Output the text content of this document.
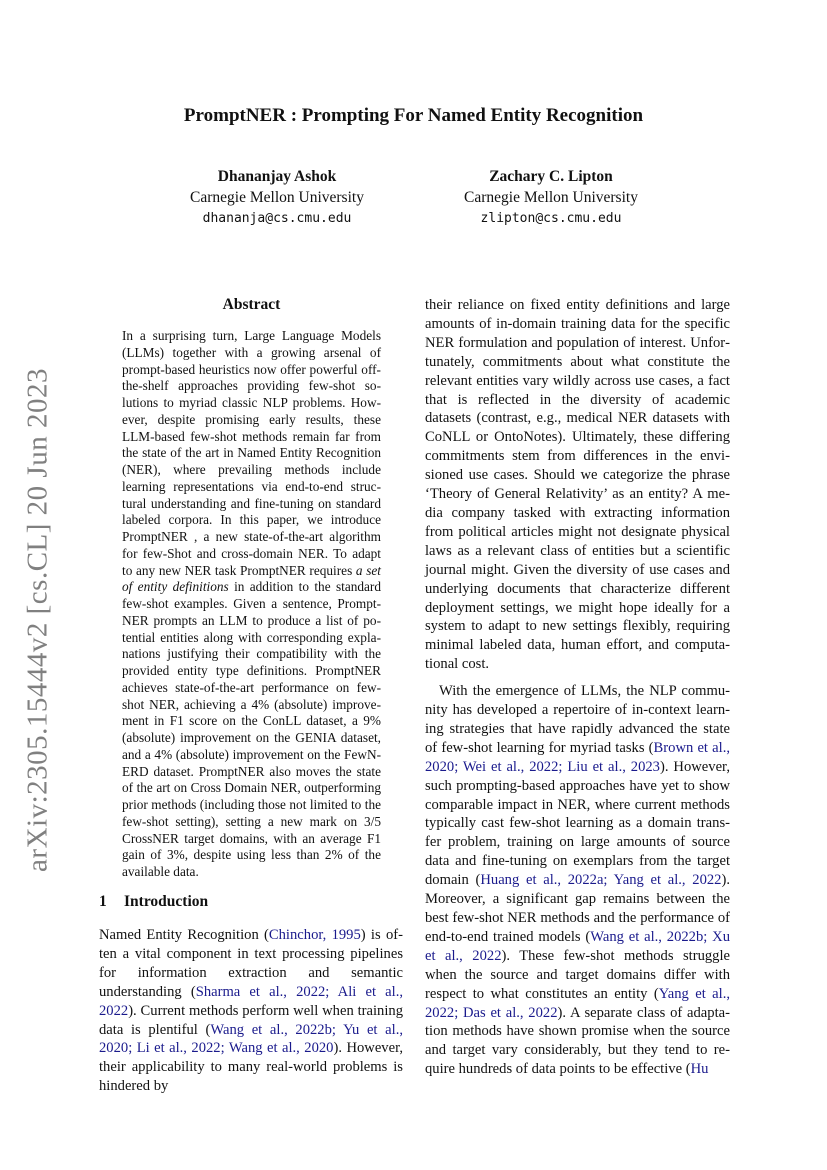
arXiv:2305.15444v2 [cs.CL] 20 Jun 2023
PromptNER : Prompting For Named Entity Recognition
Dhananjay Ashok
Carnegie Mellon University
dhananja@cs.cmu.edu
Zachary C. Lipton
Carnegie Mellon University
zlipton@cs.cmu.edu
Abstract
In a surprising turn, Large Language Models (LLMs) together with a growing arsenal of prompt-based heuristics now offer powerful off-the-shelf approaches providing few-shot solutions to myriad classic NLP problems. However, despite promising early results, these LLM-based few-shot methods remain far from the state of the art in Named Entity Recognition (NER), where prevailing methods include learning representations via end-to-end structural understanding and fine-tuning on standard labeled corpora. In this paper, we introduce PromptNER , a new state-of-the-art algorithm for few-Shot and cross-domain NER. To adapt to any new NER task PromptNER requires a set of entity definitions in addition to the standard few-shot examples. Given a sentence, PromptNER prompts an LLM to produce a list of potential entities along with corresponding explanations justifying their compatibility with the provided entity type definitions. PromptNER achieves state-of-the-art performance on few-shot NER, achieving a 4% (absolute) improvement in F1 score on the ConLL dataset, a 9% (absolute) improvement on the GENIA dataset, and a 4% (absolute) improvement on the FewNERD dataset. PromptNER also moves the state of the art on Cross Domain NER, outperforming prior methods (including those not limited to the few-shot setting), setting a new mark on 3/5 CrossNER target domains, with an average F1 gain of 3%, despite using less than 2% of the available data.
1 Introduction
Named Entity Recognition (Chinchor, 1995) is often a vital component in text processing pipelines for information extraction and semantic understanding (Sharma et al., 2022; Ali et al., 2022). Current methods perform well when training data is plentiful (Wang et al., 2022b; Yu et al., 2020; Li et al., 2022; Wang et al., 2020). However, their applicability to many real-world problems is hindered by

their reliance on fixed entity definitions and large amounts of in-domain training data for the specific NER formulation and population of interest. Unfortunately, commitments about what constitute the relevant entities vary wildly across use cases, a fact that is reflected in the diversity of academic datasets (contrast, e.g., medical NER datasets with CoNLL or OntoNotes). Ultimately, these differing commitments stem from differences in the envisioned use cases. Should we categorize the phrase ‘Theory of General Relativity’ as an entity? A media company tasked with extracting information from political articles might not designate physical laws as a relevant class of entities but a scientific journal might. Given the diversity of use cases and underlying documents that characterize different deployment settings, we might hope ideally for a system to adapt to new settings flexibly, requiring minimal labeled data, human effort, and computational cost.

With the emergence of LLMs, the NLP community has developed a repertoire of in-context learning strategies that have rapidly advanced the state of few-shot learning for myriad tasks (Brown et al., 2020; Wei et al., 2022; Liu et al., 2023). However, such prompting-based approaches have yet to show comparable impact in NER, where current methods typically cast few-shot learning as a domain transfer problem, training on large amounts of source data and fine-tuning on exemplars from the target domain (Huang et al., 2022a; Yang et al., 2022). Moreover, a significant gap remains between the best few-shot NER methods and the performance of end-to-end trained models (Wang et al., 2022b; Xu et al., 2022). These few-shot methods struggle when the source and target domains differ with respect to what constitutes an entity (Yang et al., 2022; Das et al., 2022). A separate class of adaptation methods have shown promise when the source and target vary considerably, but they tend to require hundreds of data points to be effective (Hu
